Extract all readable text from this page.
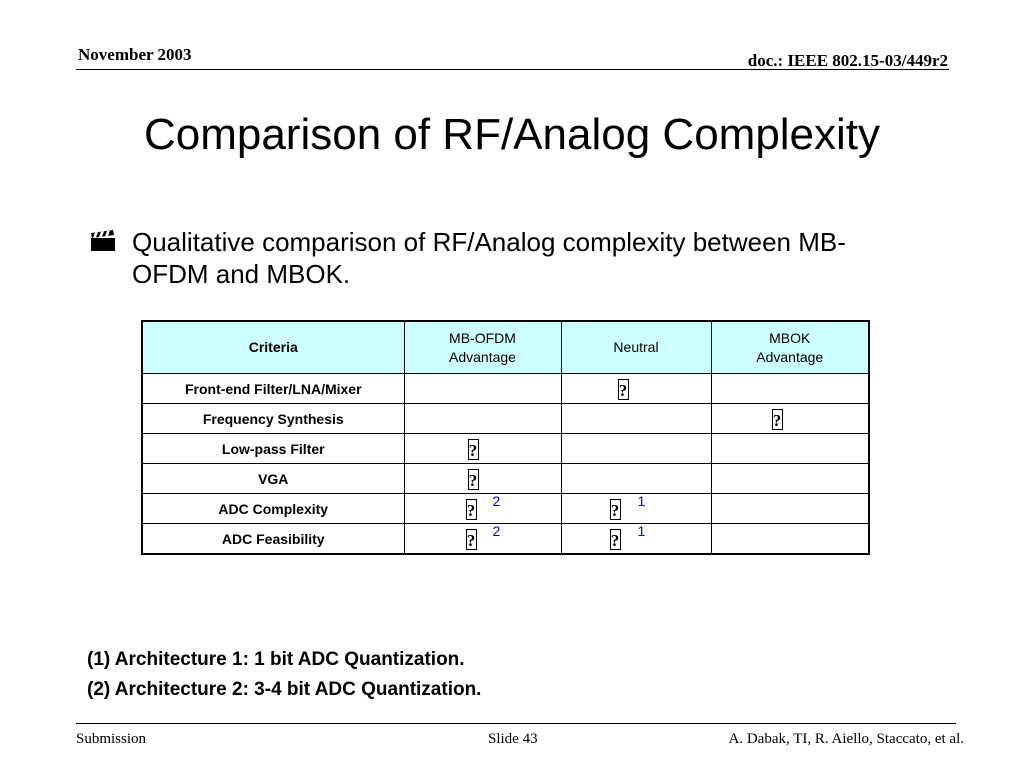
November 2003	doc.: IEEE 802.15-03/449r2
Comparison of RF/Analog Complexity
Qualitative comparison of RF/Analog complexity between MB-OFDM and MBOK.
Criteria	MB-OFDM Advantage	Neutral	MBOK Advantage
Front-end Filter/LNA/Mixer		?	

Frequency Synthesis			?

Low-pass Filter	?		

VGA	?		

ADC Complexity	? 2	? 1	

ADC Feasibility	? 2	? 1	

(1) Architecture 1: 1 bit ADC Quantization.
(2) Architecture 2: 3-4 bit ADC Quantization.
Submission	Slide 43	A. Dabak, TI, R. Aiello, Staccato, et al.
